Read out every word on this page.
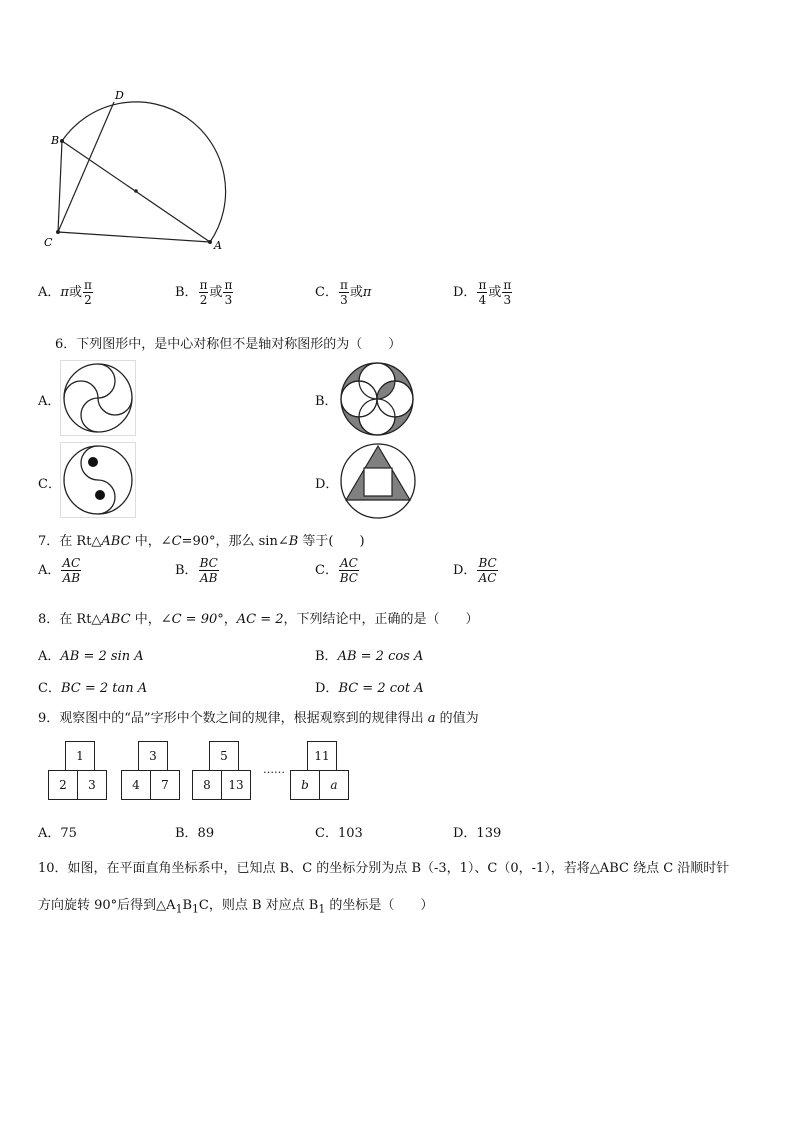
D
B
C	A
A．π或 $\frac{\pi}{2}$	B． $\frac{\pi}{2}$ 或 $\frac{\pi}{3}$	C． $\frac{\pi}{3}$ 或π	D． $\frac{\pi}{4}$ 或 $\frac{\pi}{3}$
6．下列图形中，是中心对称但不是轴对称图形的为（　　）
A．	B．
C．	D．
7．在 Rt△ABC 中，∠C=90°，那么 sin∠B 等于(　　)
A． $\frac{AC}{AB}$	B． $\frac{BC}{AB}$	C． $\frac{AC}{BC}$	D． $\frac{BC}{AC}$
8．在 Rt△ABC 中，∠C = 90°，AC = 2，下列结论中，正确的是（　　）
A．AB = 2 sin A	B．AB = 2 cos A
C．BC = 2 tan A	D．BC = 2 cot A
9．观察图中的“品”字形中个数之间的规律，根据观察到的规律得出 a 的值为
1
2	3
3
4	7
5
8	13
……
11
b	a
A．75	B．89	C．103	D．139
10．如图，在平面直角坐标系中，已知点 B、C 的坐标分别为点 B（-3，1）、C（0，-1），若将△ABC 绕点 C 沿顺时针
方向旋转 90°后得到$\triangle A_1B_1C$，则点 B 对应点 $B_1$ 的坐标是（　　）
